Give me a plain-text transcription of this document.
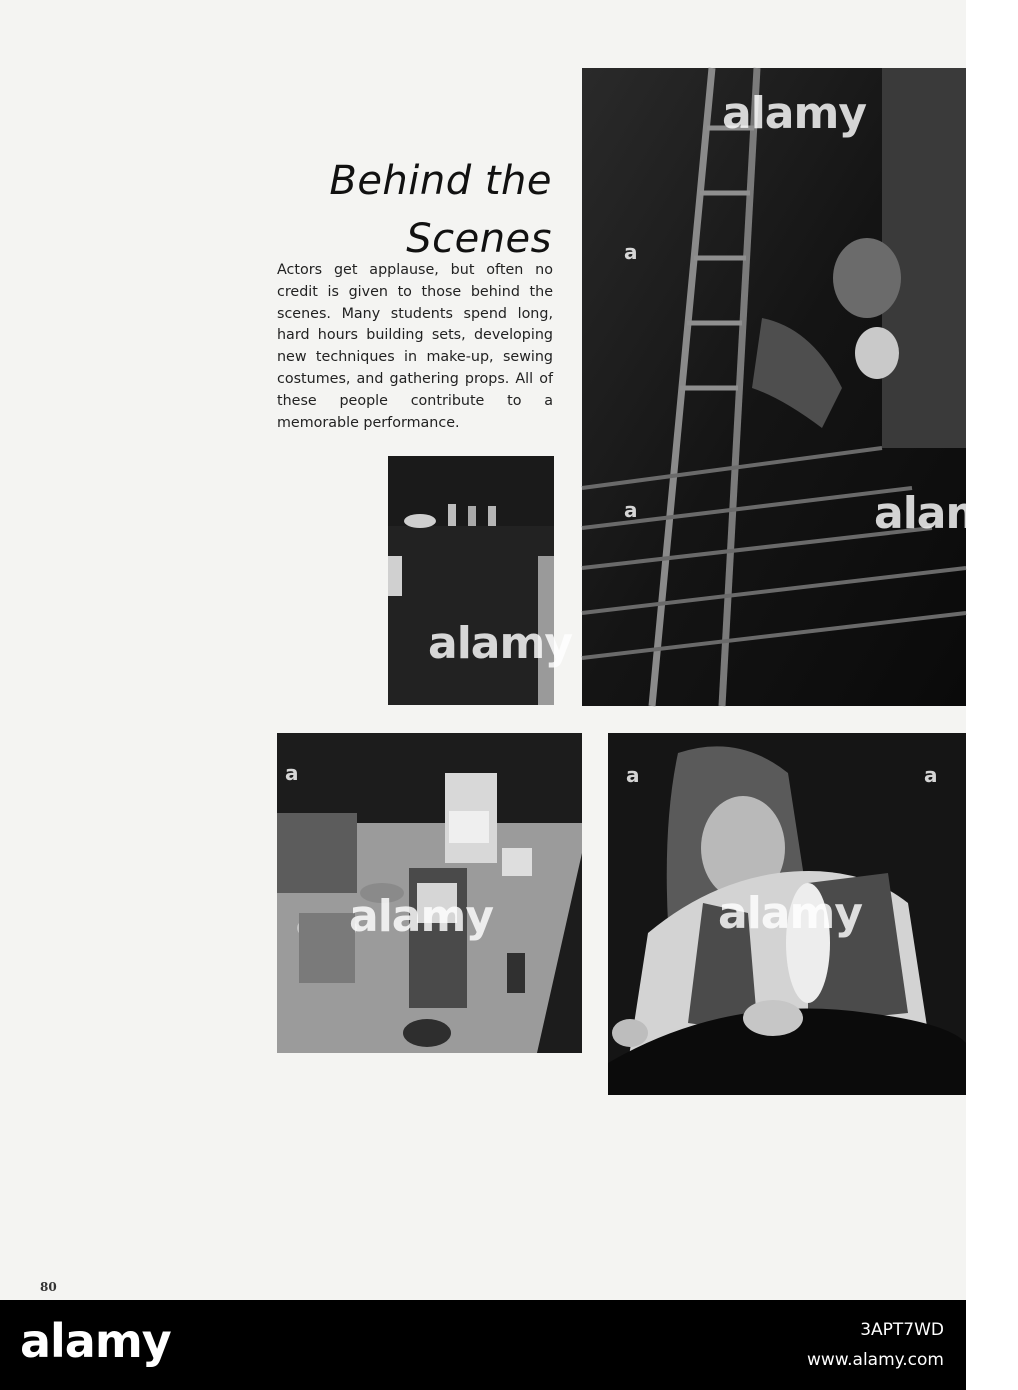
Behind the
Scenes

Actors get applause, but often no credit is given to those behind the scenes. Many students spend long, hard hours building sets, developing new techniques in make-up, sewing costumes, and gathering props. All of these people contribute to a memorable performance.

alamy
alamy
a
a
alamy
alamy
a
alamy
a	a
80
alamy	3APT7WD
www.alamy.com
